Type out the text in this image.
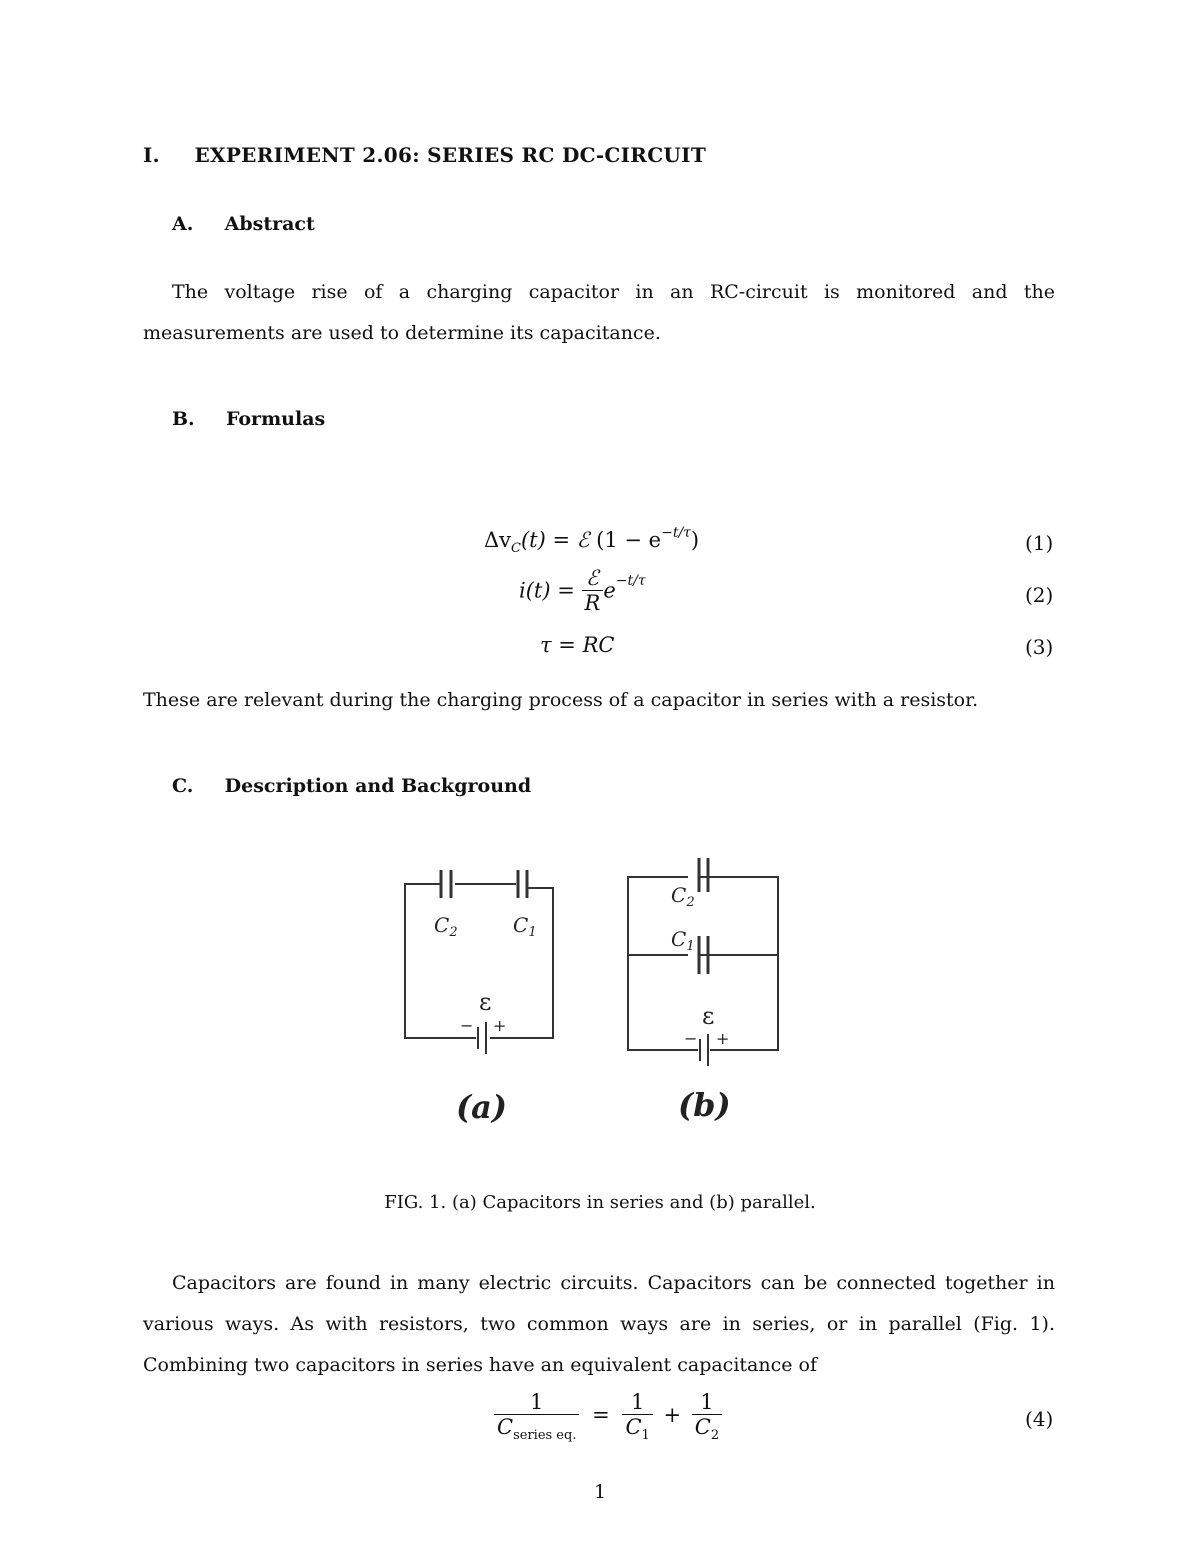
I. EXPERIMENT 2.06: SERIES RC DC-CIRCUIT
A. Abstract
The voltage rise of a charging capacitor in an RC-circuit is monitored and the measurements are used to determine its capacitance.
B. Formulas
$\Delta v_C(t)$ = ℰ $(1 - e^{-t/\tau})$	(1)
$i(t) = \frac{\text{ℰ}}{R} e^{-t/\tau}$
(2)
τ = RC	(3)
These are relevant during the charging process of a capacitor in series with a resistor.
C. Description and Background
$C_2$	$C_1$
ε
− +
(a)
$C_2$
$C_1$
ε
− +
(b)
FIG. 1. (a) Capacitors in series and (b) parallel.
Capacitors are found in many electric circuits. Capacitors can be connected together in various ways. As with resistors, two common ways are in series, or in parallel (Fig. 1). Combining two capacitors in series have an equivalent capacitance of
$\frac{1}{C_{series eq.}} = \frac{1}{C_1} + \frac{1}{C_2}$	(4)
1
